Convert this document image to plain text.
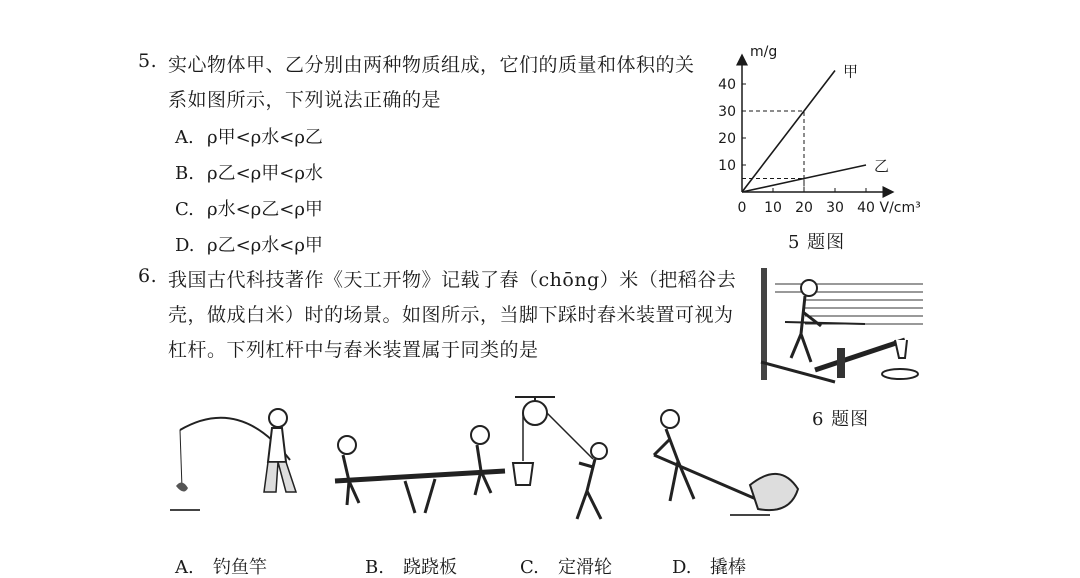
5. 实心物体甲、乙分别由两种物质组成，它们的质量和体积的关
系如图所示，下列说法正确的是
A. ρ甲<ρ水<ρ乙
B. ρ乙<ρ甲<ρ水
C. ρ水<ρ乙<ρ甲
D. ρ乙<ρ水<ρ甲
0 10 20 30 40
10
20
30
40
甲
乙
V/cm³
m/g
5 题图
6. 我国古代科技著作《天工开物》记载了舂（chōng）米（把稻谷去
壳，做成白米）时的场景。如图所示，当脚下踩时舂米装置可视为
杠杆。下列杠杆中与舂米装置属于同类的是
6 题图
A. 钓鱼竿	B. 跷跷板	C. 定滑轮	D. 撬棒
